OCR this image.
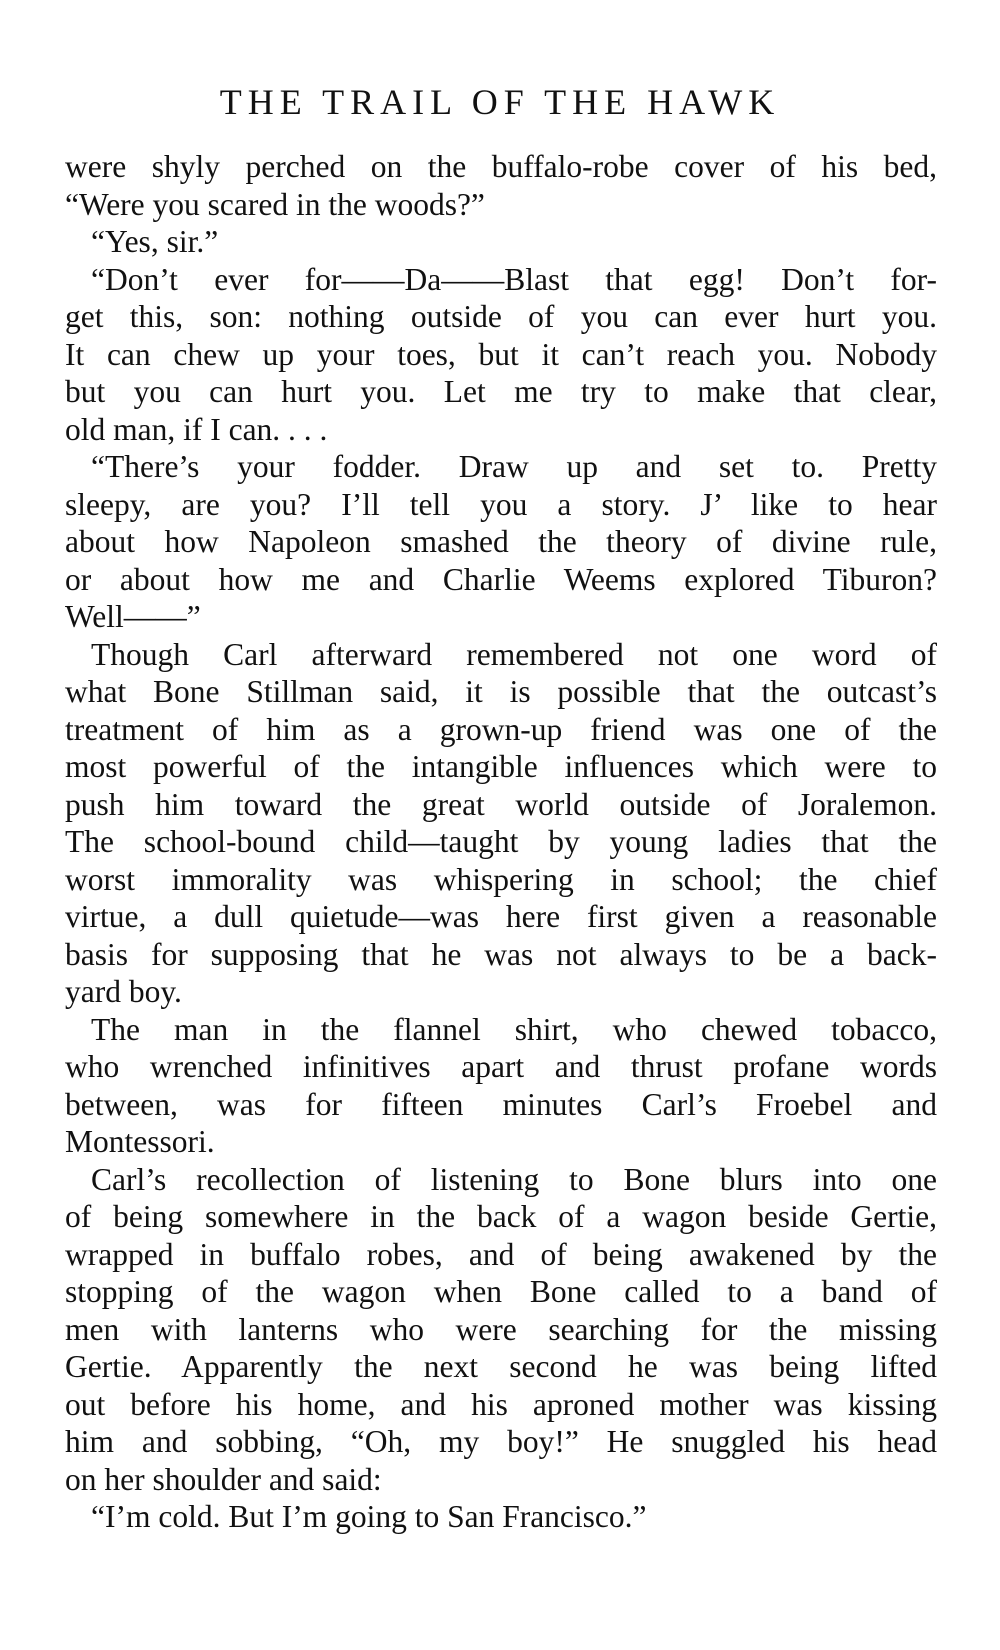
THE TRAIL OF THE HAWK
were shyly perched on the buffalo-robe cover of his bed,
“Were you scared in the woods?”
“Yes, sir.”
“Don’t ever for——Da——Blast that egg! Don’t for-
get this, son: nothing outside of you can ever hurt you.
It can chew up your toes, but it can’t reach you. Nobody
but you can hurt you. Let me try to make that clear,
old man, if I can. . . .
“There’s your fodder. Draw up and set to. Pretty
sleepy, are you? I’ll tell you a story. J’ like to hear
about how Napoleon smashed the theory of divine rule,
or about how me and Charlie Weems explored Tiburon?
Well——”
Though Carl afterward remembered not one word of
what Bone Stillman said, it is possible that the outcast’s
treatment of him as a grown-up friend was one of the
most powerful of the intangible influences which were to
push him toward the great world outside of Joralemon.
The school-bound child—taught by young ladies that the
worst immorality was whispering in school; the chief
virtue, a dull quietude—was here first given a reasonable
basis for supposing that he was not always to be a back-
yard boy.
The man in the flannel shirt, who chewed tobacco,
who wrenched infinitives apart and thrust profane words
between, was for fifteen minutes Carl’s Froebel and
Montessori.
Carl’s recollection of listening to Bone blurs into one
of being somewhere in the back of a wagon beside Gertie,
wrapped in buffalo robes, and of being awakened by the
stopping of the wagon when Bone called to a band of
men with lanterns who were searching for the missing
Gertie. Apparently the next second he was being lifted
out before his home, and his aproned mother was kissing
him and sobbing, “Oh, my boy!” He snuggled his head
on her shoulder and said:
“I’m cold. But I’m going to San Francisco.”
